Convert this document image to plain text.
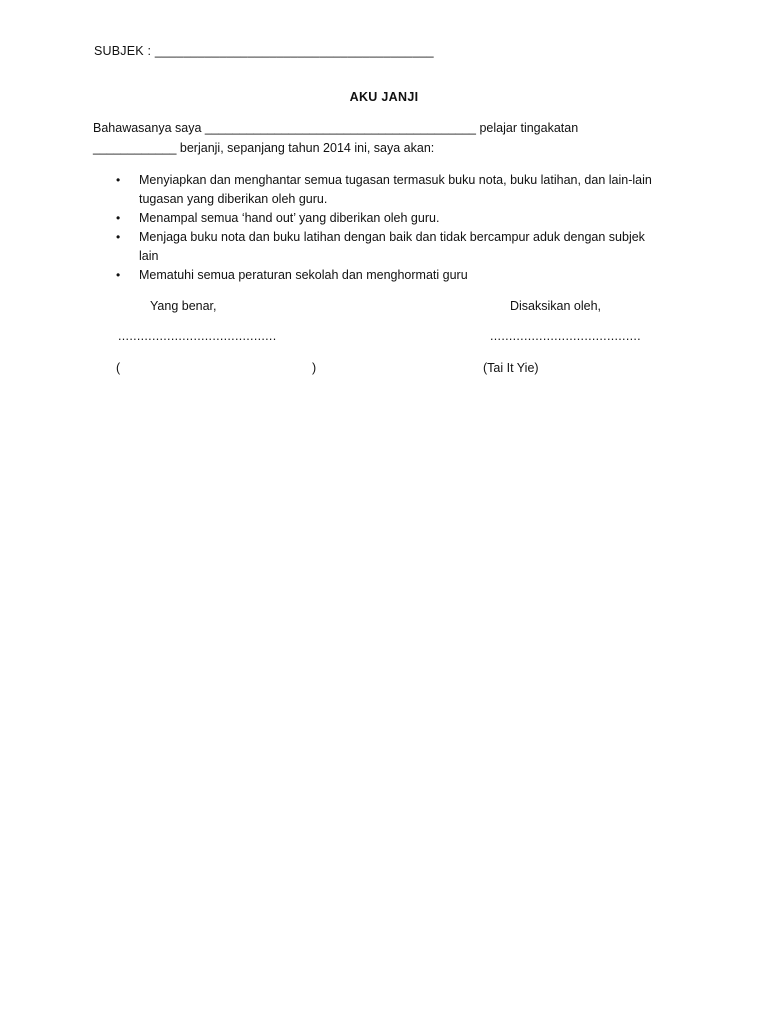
SUBJEK : _______________________________________
AKU JANJI
Bahawasanya saya _______________________________________ pelajar tingakatan
____________ berjanji, sepanjang tahun 2014 ini, saya akan:
• Menyiapkan dan menghantar semua tugasan termasuk buku nota, buku latihan, dan lain-lain
tugasan yang diberikan oleh guru.
• Menampal semua ‘hand out’ yang diberikan oleh guru.
• Menjaga buku nota dan buku latihan dengan baik dan tidak bercampur aduk dengan subjek
lain
• Mematuhi semua peraturan sekolah dan menghormati guru
Yang benar,	Disaksikan oleh,
..........................................	........................................
(	)	(Tai It Yie)
